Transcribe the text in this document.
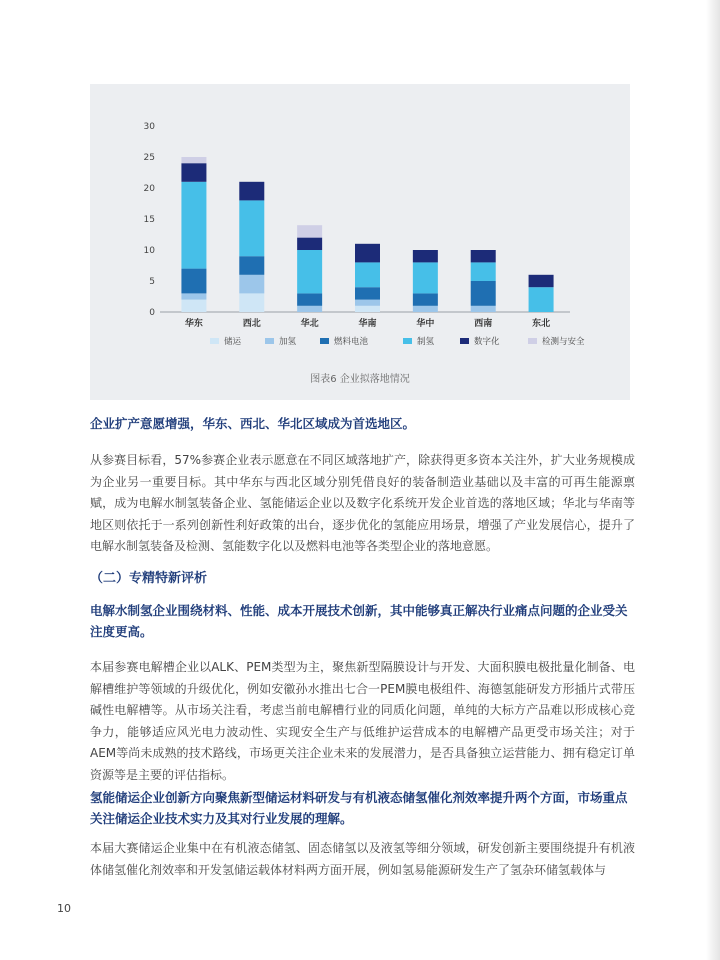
0
5
10
15
20
25
30
华东	西北	华北	华南	华中	西南	东北
储运	加氢	燃料电池	制氢	数字化	检测与安全
图表6 企业拟落地情况
企业扩产意愿增强，华东、西北、华北区域成为首选地区。
从参赛目标看，57%参赛企业表示愿意在不同区域落地扩产，除获得更多资本关注外，扩大业务规模成为企业另一重要目标。其中华东与西北区域分别凭借良好的装备制造业基础以及丰富的可再生能源禀赋，成为电解水制氢装备企业、氢能储运企业以及数字化系统开发企业首选的落地区域；华北与华南等地区则依托于一系列创新性利好政策的出台，逐步优化的氢能应用场景，增强了产业发展信心，提升了电解水制氢装备及检测、氢能数字化以及燃料电池等各类型企业的落地意愿。
（二）专精特新评析
电解水制氢企业围绕材料、性能、成本开展技术创新，其中能够真正解决行业痛点问题的企业受关注度更高。
本届参赛电解槽企业以ALK、PEM类型为主，聚焦新型隔膜设计与开发、大面积膜电极批量化制备、电解槽维护等领域的升级优化，例如安徽孙水推出七合一PEM膜电极组件、海德氢能研发方形插片式带压碱性电解槽等。从市场关注看，考虑当前电解槽行业的同质化问题，单纯的大标方产品难以形成核心竞争力，能够适应风光电力波动性、实现安全生产与低维护运营成本的电解槽产品更受市场关注；对于AEM等尚未成熟的技术路线，市场更关注企业未来的发展潜力，是否具备独立运营能力、拥有稳定订单资源等是主要的评估指标。
氢能储运企业创新方向聚焦新型储运材料研发与有机液态储氢催化剂效率提升两个方面，市场重点关注储运企业技术实力及其对行业发展的理解。
本届大赛储运企业集中在有机液态储氢、固态储氢以及液氢等细分领域，研发创新主要围绕提升有机液体储氢催化剂效率和开发氢储运载体材料两方面开展，例如氢易能源研发生产了氢杂环储氢载体与
10
